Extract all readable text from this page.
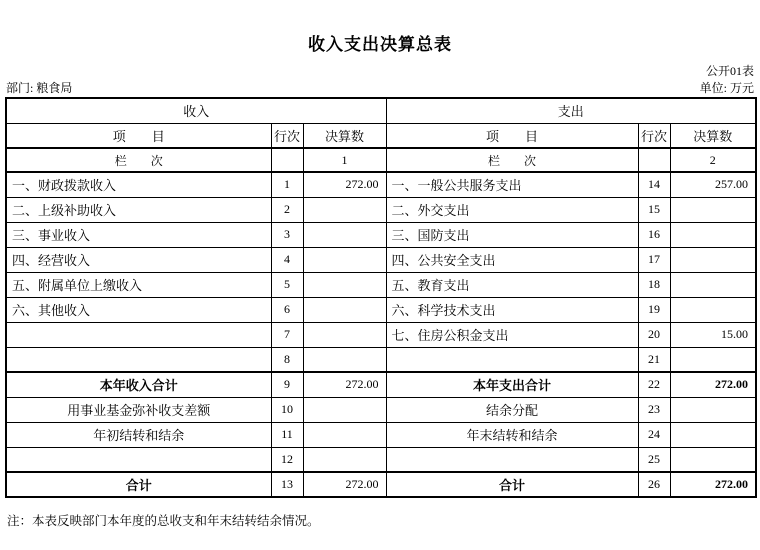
收入支出决算总表
公开01表
部门: 粮食局	单位: 万元
收入			支出		
项　　目	行次	决算数	项　　目	行次	决算数
栏　　次		1	栏　　次		2
一、财政拨款收入	1	272.00	一、一般公共服务支出	14	257.00
二、上级补助收入	2		二、外交支出	15	
三、事业收入	3		三、国防支出	16	
四、经营收入	4		四、公共安全支出	17	
五、附属单位上缴收入	5		五、教育支出	18	
六、其他收入	6		六、科学技术支出	19	
	7		七、住房公积金支出	20	15.00
	8			21	
本年收入合计	9	272.00	本年支出合计	22	272.00
用事业基金弥补收支差额	10		结余分配	23	
年初结转和结余	11		年末结转和结余	24	
	12			25	
合计	13	272.00	合计	26	272.00
注：本表反映部门本年度的总收支和年末结转结余情况。
